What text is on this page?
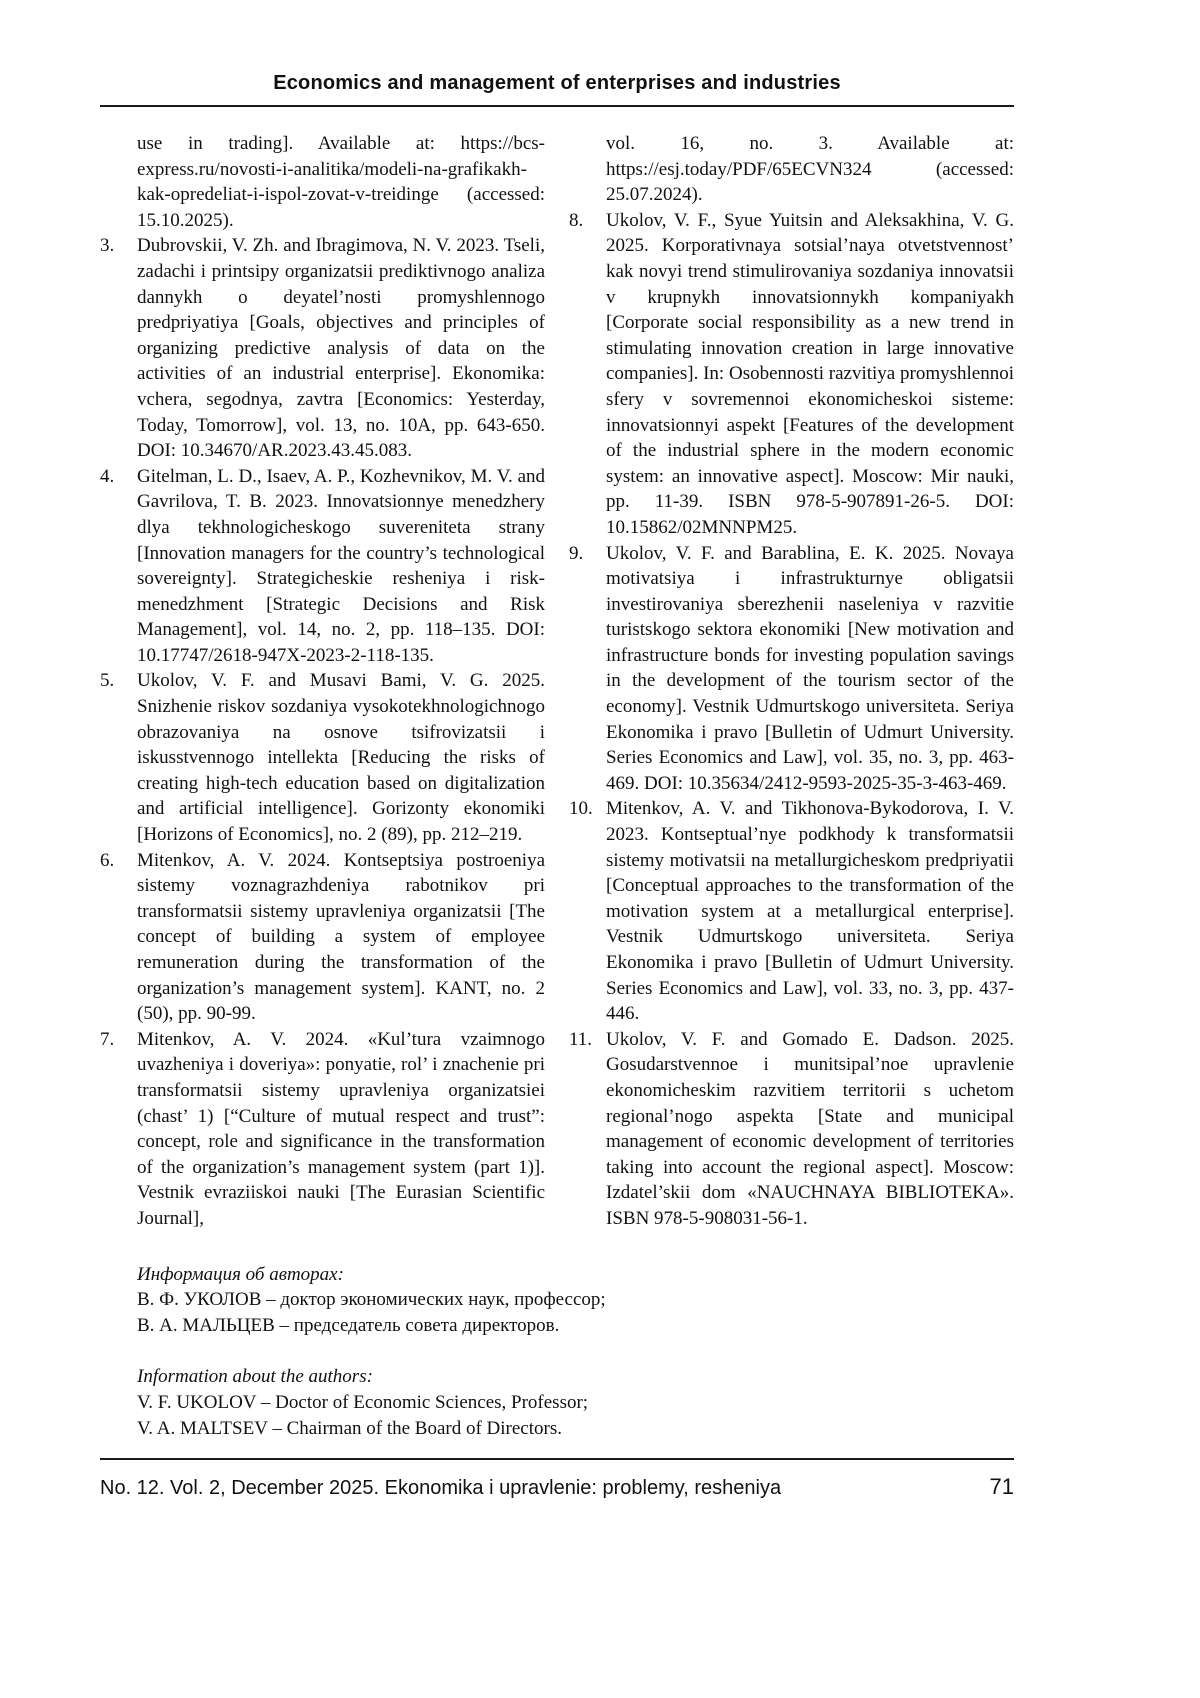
Economics and management of enterprises and industries
use in trading]. Available at: https://bcs-express.ru/novosti-i-analitika/modeli-na-grafikakh-kak-opredeliat-i-ispol-zovat-v-treidinge (accessed: 15.10.2025).
3. Dubrovskii, V. Zh. and Ibragimova, N. V. 2023. Tseli, zadachi i printsipy organizatsii prediktivnogo analiza dannykh o deyatel’nosti promyshlennogo predpriyatiya [Goals, objectives and principles of organizing predictive analysis of data on the activities of an industrial enterprise]. Ekonomika: vchera, segodnya, zavtra [Economics: Yesterday, Today, Tomorrow], vol. 13, no. 10A, pp. 643-650. DOI: 10.34670/AR.2023.43.45.083.
4. Gitelman, L. D., Isaev, A. P., Kozhevnikov, M. V. and Gavrilova, T. B. 2023. Innovatsionnye menedzhery dlya tekhnologicheskogo suvereniteta strany [Innovation managers for the country’s technological sovereignty]. Strategicheskie resheniya i risk-menedzhment [Strategic Decisions and Risk Management], vol. 14, no. 2, pp. 118–135. DOI: 10.17747/2618-947X-2023-2-118-135.
5. Ukolov, V. F. and Musavi Bami, V. G. 2025. Snizhenie riskov sozdaniya vysokotekhnologichnogo obrazovaniya na osnove tsifrovizatsii i iskusstvennogo intellekta [Reducing the risks of creating high-tech education based on digitalization and artificial intelligence]. Gorizonty ekonomiki [Horizons of Economics], no. 2 (89), pp. 212–219.
6. Mitenkov, A. V. 2024. Kontseptsiya postroeniya sistemy voznagrazhdeniya rabotnikov pri transformatsii sistemy upravleniya organizatsii [The concept of building a system of employee remuneration during the transformation of the organization’s management system]. KANT, no. 2 (50), pp. 90-99.
7. Mitenkov, A. V. 2024. «Kul’tura vzaimnogo uvazheniya i doveriya»: ponyatie, rol’ i znachenie pri transformatsii sistemy upravleniya organizatsiei (chast’ 1) [“Culture of mutual respect and trust”: concept, role and significance in the transformation of the organization’s management system (part 1)]. Vestnik evraziiskoi nauki [The Eurasian Scientific Journal],
vol. 16, no. 3. Available at: https://esj.today/PDF/65ECVN324 (accessed: 25.07.2024).
8. Ukolov, V. F., Syue Yuitsin and Aleksakhina, V. G. 2025. Korporativnaya sotsial’naya otvetstvennost’ kak novyi trend stimulirovaniya sozdaniya innovatsii v krupnykh innovatsionnykh kompaniyakh [Corporate social responsibility as a new trend in stimulating innovation creation in large innovative companies]. In: Osobennosti razvitiya promyshlennoi sfery v sovremennoi ekonomicheskoi sisteme: innovatsionnyi aspekt [Features of the development of the industrial sphere in the modern economic system: an innovative aspect]. Moscow: Mir nauki, pp. 11-39. ISBN 978-5-907891-26-5. DOI: 10.15862/02MNNPM25.
9. Ukolov, V. F. and Barablina, E. K. 2025. Novaya motivatsiya i infrastrukturnye obligatsii investirovaniya sberezhenii naseleniya v razvitie turistskogo sektora ekonomiki [New motivation and infrastructure bonds for investing population savings in the development of the tourism sector of the economy]. Vestnik Udmurtskogo universiteta. Seriya Ekonomika i pravo [Bulletin of Udmurt University. Series Economics and Law], vol. 35, no. 3, pp. 463-469. DOI: 10.35634/2412-9593-2025-35-3-463-469.
10. Mitenkov, A. V. and Tikhonova-Bykodorova, I. V. 2023. Kontseptual’nye podkhody k transformatsii sistemy motivatsii na metallurgicheskom predpriyatii [Conceptual approaches to the transformation of the motivation system at a metallurgical enterprise]. Vestnik Udmurtskogo universiteta. Seriya Ekonomika i pravo [Bulletin of Udmurt University. Series Economics and Law], vol. 33, no. 3, pp. 437-446.
11. Ukolov, V. F. and Gomado E. Dadson. 2025. Gosudarstvennoe i munitsipal’noe upravlenie ekonomicheskim razvitiem territorii s uchetom regional’nogo aspekta [State and municipal management of economic development of territories taking into account the regional aspect]. Moscow: Izdatel’skii dom «NAUCHNAYA BIBLIOTEKA». ISBN 978-5-908031-56-1.
Информация об авторах:
В. Ф. УКОЛОВ – доктор экономических наук, профессор;
В. А. МАЛЬЦЕВ – председатель совета директоров.
Information about the authors:
V. F. UKOLOV – Doctor of Economic Sciences, Professor;
V. A. MALTSEV – Chairman of the Board of Directors.
No. 12. Vol. 2, December 2025. Ekonomika i upravlenie: problemy, resheniya	71
